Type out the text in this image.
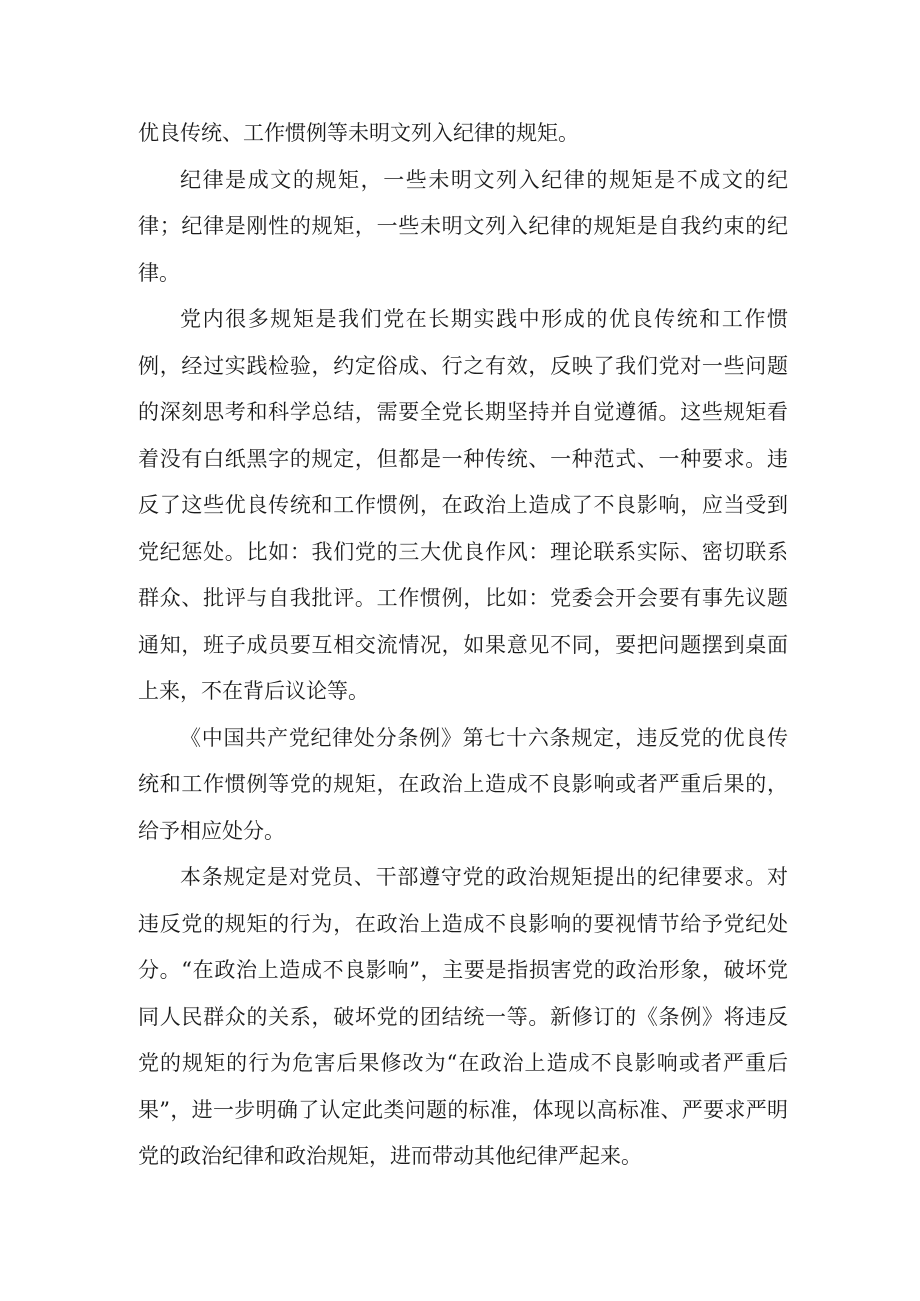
优良传统、工作惯例等未明文列入纪律的规矩。

纪律是成文的规矩，一些未明文列入纪律的规矩是不成文的纪律；纪律是刚性的规矩，一些未明文列入纪律的规矩是自我约束的纪律。

党内很多规矩是我们党在长期实践中形成的优良传统和工作惯例，经过实践检验，约定俗成、行之有效，反映了我们党对一些问题的深刻思考和科学总结，需要全党长期坚持并自觉遵循。这些规矩看着没有白纸黑字的规定，但都是一种传统、一种范式、一种要求。违反了这些优良传统和工作惯例，在政治上造成了不良影响，应当受到党纪惩处。比如：我们党的三大优良作风：理论联系实际、密切联系群众、批评与自我批评。工作惯例，比如：党委会开会要有事先议题通知，班子成员要互相交流情况，如果意见不同，要把问题摆到桌面上来，不在背后议论等。

《中国共产党纪律处分条例》第七十六条规定，违反党的优良传统和工作惯例等党的规矩，在政治上造成不良影响或者严重后果的，给予相应处分。

本条规定是对党员、干部遵守党的政治规矩提出的纪律要求。对违反党的规矩的行为，在政治上造成不良影响的要视情节给予党纪处分。“在政治上造成不良影响”，主要是指损害党的政治形象，破坏党同人民群众的关系，破坏党的团结统一等。新修订的《条例》将违反党的规矩的行为危害后果修改为“在政治上造成不良影响或者严重后果”，进一步明确了认定此类问题的标准，体现以高标准、严要求严明党的政治纪律和政治规矩，进而带动其他纪律严起来。
